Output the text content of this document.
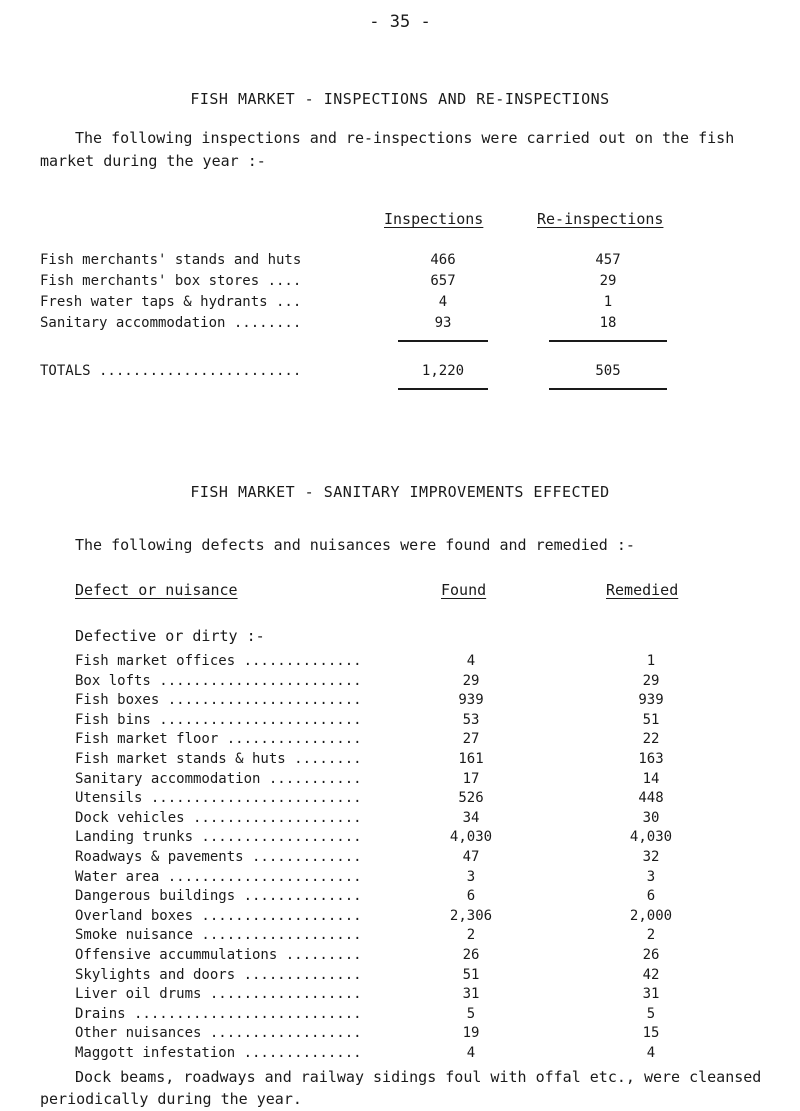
- 35 -
FISH MARKET - INSPECTIONS AND RE-INSPECTIONS
The following inspections and re-inspections were carried out on the fish market during the year :-
Inspections	Re-inspections
Fish merchants' stands and huts	466	457
Fish merchants' box stores ....	657	29
Fresh water taps & hydrants ...	4	1
Sanitary accommodation ........	93	18
TOTALS ........................	1,220	505
FISH MARKET - SANITARY IMPROVEMENTS EFFECTED
The following defects and nuisances were found and remedied :-
Defect or nuisance	Found	Remedied
Defective or dirty :-
Fish market offices ..............	4	1
Box lofts ........................	29	29
Fish boxes .......................	939	939
Fish bins ........................	53	51
Fish market floor ................	27	22
Fish market stands & huts ........	161	163
Sanitary accommodation ...........	17	14
Utensils .........................	526	448
Dock vehicles ....................	34	30
Landing trunks ...................	4,030	4,030
Roadways & pavements .............	47	32
Water area .......................	3	3
Dangerous buildings ..............	6	6
Overland boxes ...................	2,306	2,000
Smoke nuisance ...................	2	2
Offensive accummulations .........	26	26
Skylights and doors ..............	51	42
Liver oil drums ..................	31	31
Drains ...........................	5	5
Other nuisances ..................	19	15
Maggott infestation ..............	4	4
Dock beams, roadways and railway sidings foul with offal etc., were cleansed periodically during the year.
